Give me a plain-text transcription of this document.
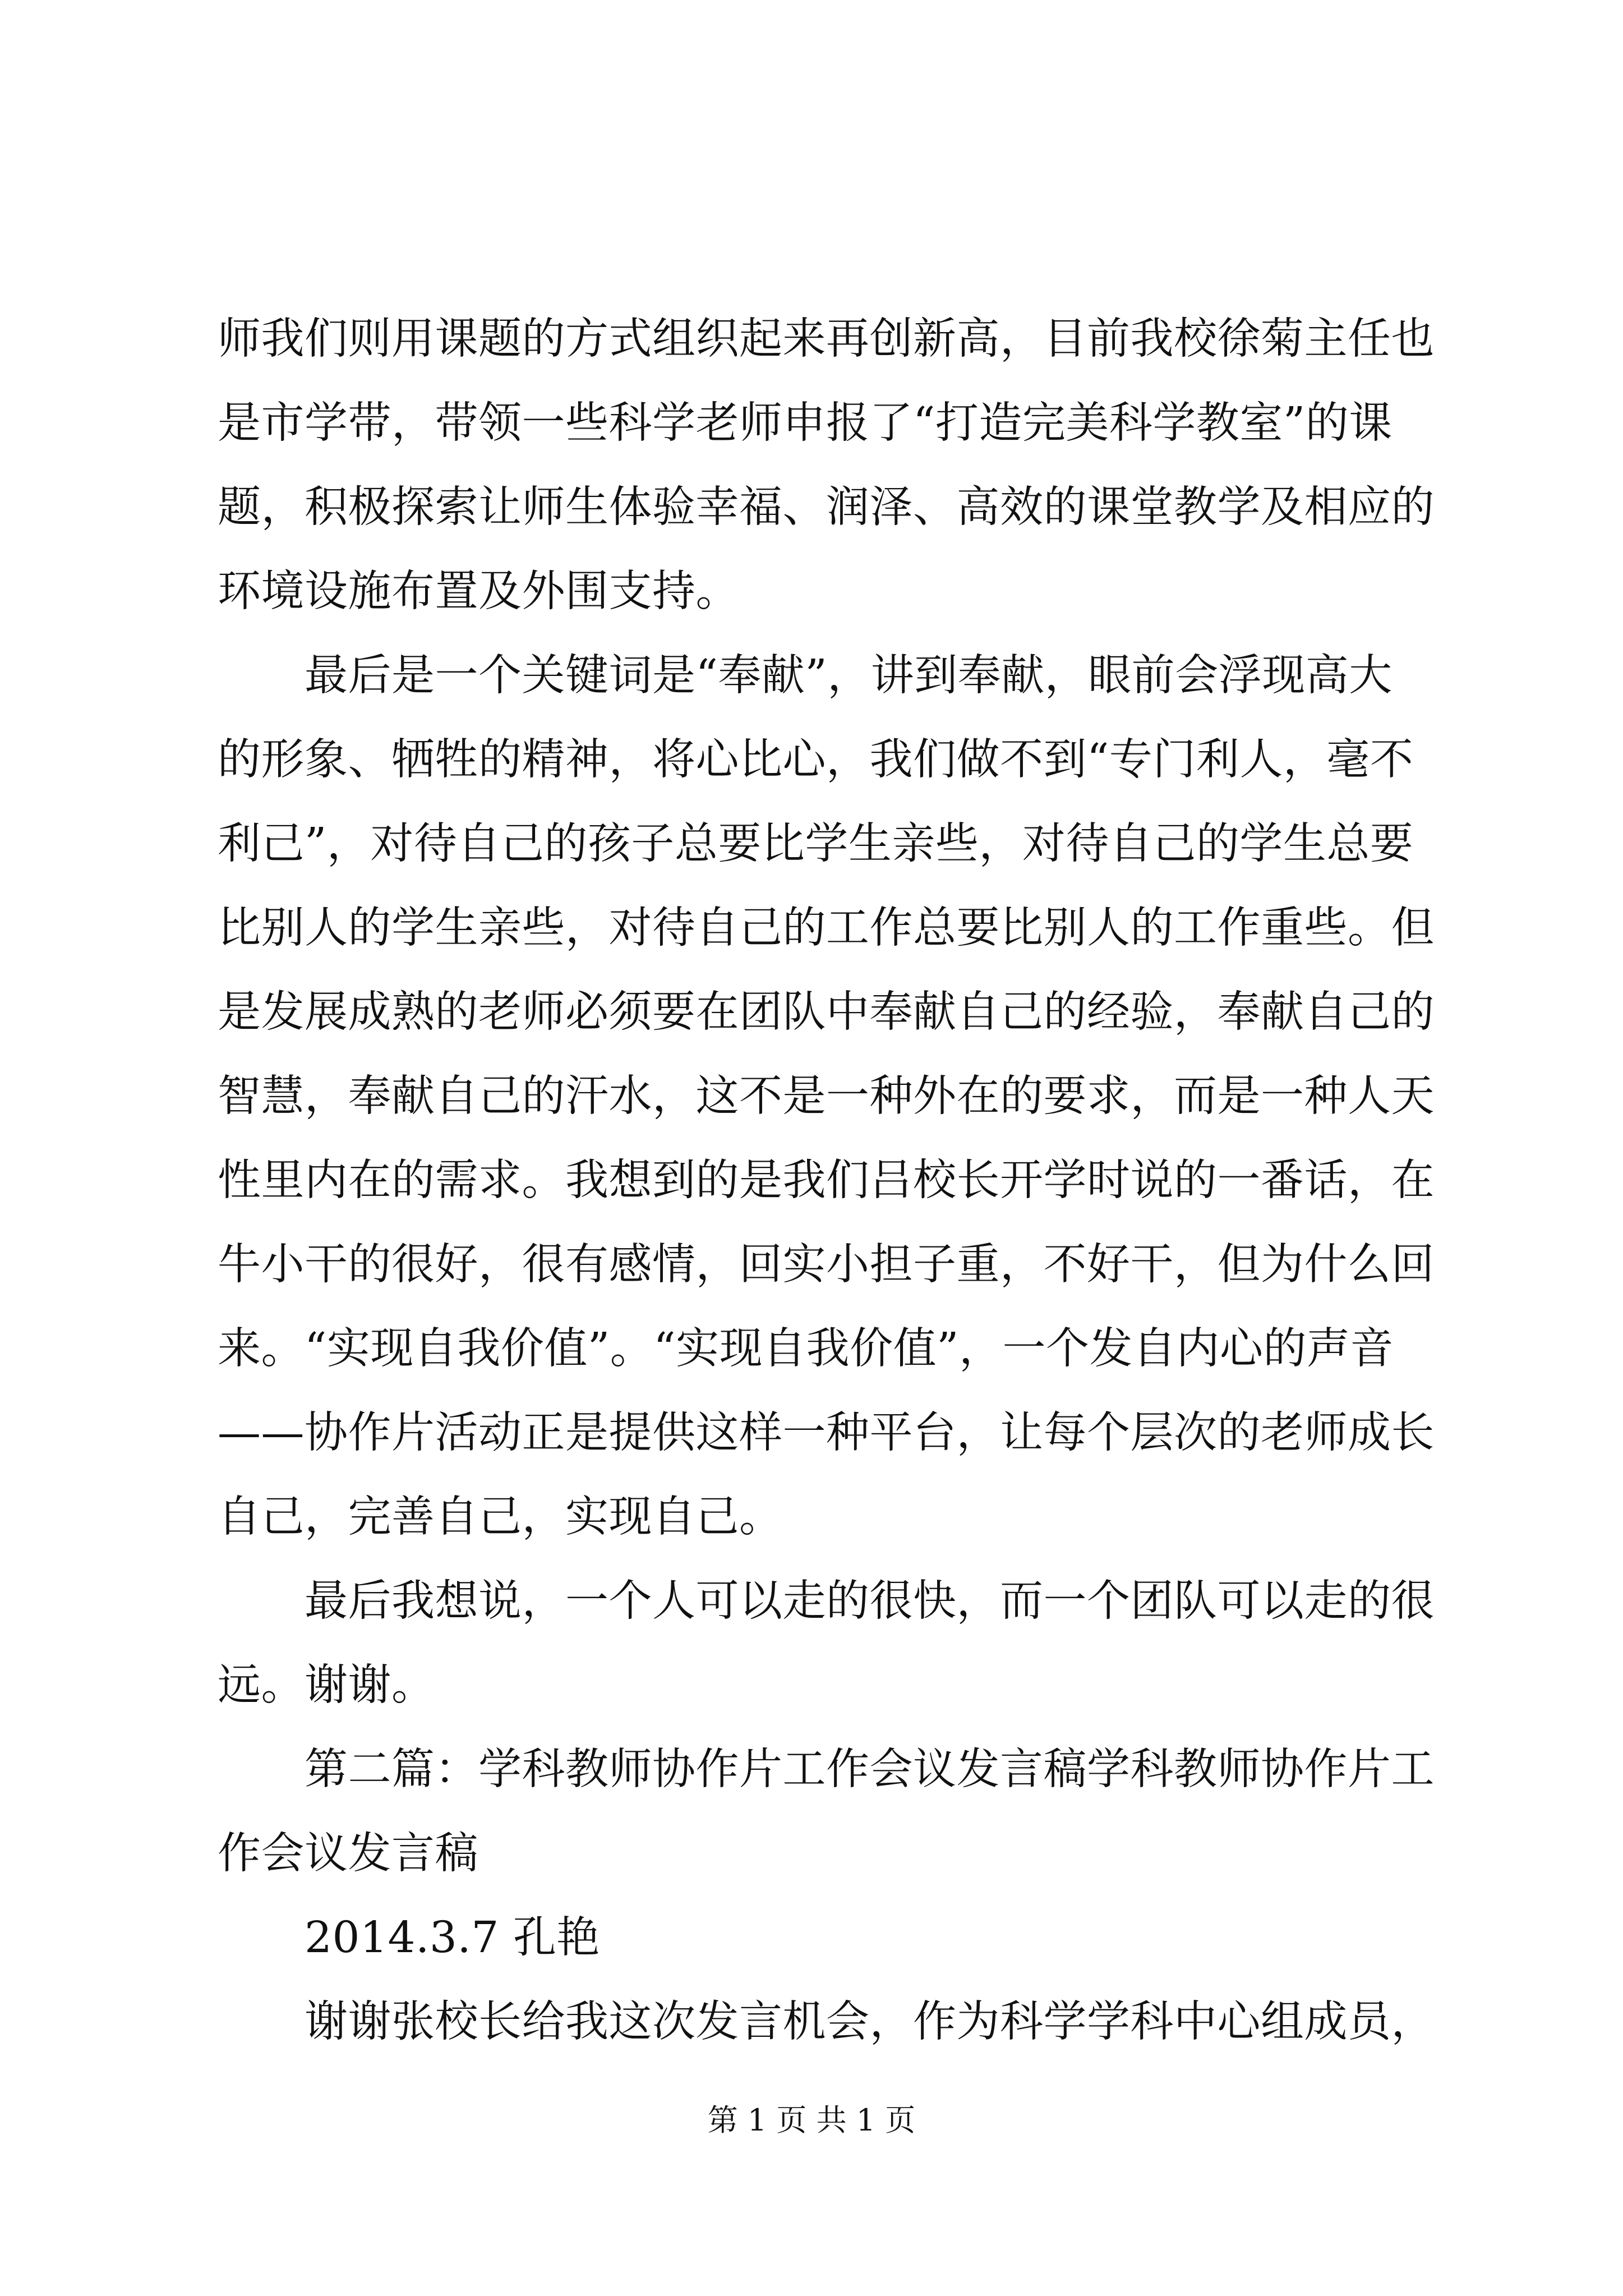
师我们则用课题的方式组织起来再创新高，目前我校徐菊主任也
是市学带，带领一些科学老师申报了“打造完美科学教室”的课
题，积极探索让师生体验幸福、润泽、高效的课堂教学及相应的
环境设施布置及外围支持。
最后是一个关键词是“奉献”，讲到奉献，眼前会浮现高大
的形象、牺牲的精神，将心比心，我们做不到“专门利人，毫不
利己”，对待自己的孩子总要比学生亲些，对待自己的学生总要
比别人的学生亲些，对待自己的工作总要比别人的工作重些。但
是发展成熟的老师必须要在团队中奉献自己的经验，奉献自己的
智慧，奉献自己的汗水，这不是一种外在的要求，而是一种人天
性里内在的需求。我想到的是我们吕校长开学时说的一番话，在
牛小干的很好，很有感情，回实小担子重，不好干，但为什么回
来。“实现自我价值”。“实现自我价值”，一个发自内心的声音
——协作片活动正是提供这样一种平台，让每个层次的老师成长
自己，完善自己，实现自己。
最后我想说，一个人可以走的很快，而一个团队可以走的很
远。谢谢。
第二篇：学科教师协作片工作会议发言稿学科教师协作片工
作会议发言稿
2014.3.7 孔艳
谢谢张校长给我这次发言机会，作为科学学科中心组成员，
第 1 页 共 1 页
